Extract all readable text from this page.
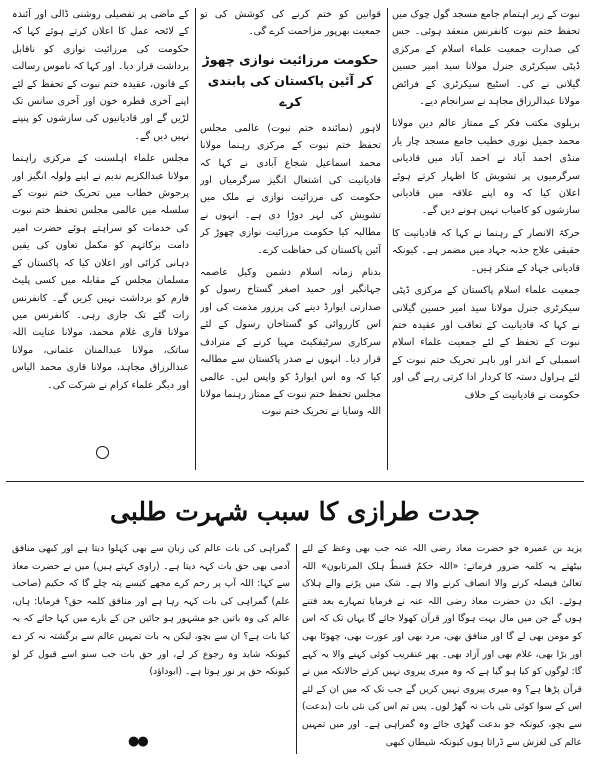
نبوت کے زیر اہتمام جامع مسجد گول چوک میں تحفظ ختم نبوت کانفرنس منعقد ہوئی۔ جس کی صدارت جمعیت علماء اسلام کے مرکزی ڈپٹی سیکرٹری جنرل مولانا سید امیر حسین گیلانی نے کی۔ اسٹیج سیکرٹری کے فرائض مولانا عبدالرزاق مجاہد نے سرانجام دیے۔

بریلوی مکتب فکر کے ممتاز عالم دین مولانا محمد جمیل نوری خطیب جامع مسجد چار یار منڈی احمد آباد نے احمد آباد میں قادیانی سرگرمیوں پر تشویش کا اظہار کرتے ہوئے اعلان کیا کہ وہ اپنے علاقہ میں قادیانی سازشوں کو کامیاب نہیں ہونے دیں گے۔

حرکۃ الانصار کے رہنما نے کہا کہ قادیانیت کا حقیقی علاج جذبہ جہاد میں مضمر ہے۔ کیونکہ قادیانی جہاد کے منکر ہیں۔

جمعیت علماء اسلام پاکستان کے مرکزی ڈپٹی سیکرٹری جنرل مولانا سید امیر حسین گیلانی نے کہا کہ قادیانیت کے تعاقب اور عقیدہ ختم نبوت کے تحفظ کے لئے جمعیت علماء اسلام اسمبلی کے اندر اور باہر تحریک ختم نبوت کے لئے ہراول دستہ کا کردار ادا کرتی رہے گی اور حکومت نے قادیانیت کے خلاف

قوانین کو ختم کرنے کی کوشش کی تو جمعیت بھرپور مزاحمت کرے گی۔

حکومت مرزائیت نوازی چھوڑ کر آئین پاکستان کی پابندی کرے

لاہور (نمائندہ ختم نبوت) عالمی مجلس تحفظ ختم نبوت کے مرکزی رہنما مولانا محمد اسماعیل شجاع آبادی نے کہا کہ قادیانیت کی اشتعال انگیز سرگرمیاں اور حکومت کی مرزائیت نوازی نے ملک میں تشویش کی لہر دوڑا دی ہے۔ انہوں نے مطالبہ کیا حکومت مرزائیت نوازی چھوڑ کر آئین پاکستان کی حفاظت کرے۔

بدنام زمانہ اسلام دشمن وکیل عاصمہ جہانگیر اور حمید اصغر گستاخ رسول کو صدارتی ایوارڈ دینے کی پرزور مذمت کی اور اس کارروائی کو گستاخان رسول کے لئے سرکاری سرٹیفکیٹ مہیا کرنے کے مترادف قرار دیا۔ انہوں نے صدر پاکستان سے مطالبہ کیا کہ وہ اس ایوارڈ کو واپس لیں۔ عالمی مجلس تحفظ ختم نبوت کے ممتاز رہنما مولانا اللہ وسایا نے تحریک ختم نبوت

کے ماضی پر تفصیلی روشنی ڈالی اور آئندہ کے لائحہ عمل کا اعلان کرتے ہوئے کہا کہ حکومت کی مرزائیت نوازی کو ناقابل برداشت قرار دیا۔ اور کہا کہ ناموس رسالت کے قانون، عقیدہ ختم نبوت کے تحفظ کے لئے اپنے آخری قطرہ خون اور آخری سانس تک لڑیں گے اور قادیانیوں کی سازشوں کو پنپنے نہیں دیں گے۔

مجلس علماء اہلسنت کے مرکزی راہنما مولانا عبدالکریم ندیم نے اپنے ولولہ انگیز اور پرجوش خطاب میں تحریک ختم نبوت کے سلسلہ میں عالمی مجلس تحفظ ختم نبوت کی خدمات کو سراہتے ہوئے حضرت امیر دامت برکاتہم کو مکمل تعاون کی یقین دہانی کرائی اور اعلان کیا کہ پاکستان کے مسلمان مجلس کے مقابلہ میں کسی پلیٹ فارم کو برداشت نہیں کریں گے۔ کانفرنس رات گئے تک جاری رہی۔ کانفرنس میں مولانا قاری غلام محمد، مولانا عنایت اللہ ساتک، مولانا عبدالمنان عثمانی، مولانا عبدالرزاق مجاہد، مولانا قاری محمد الیاس اور دیگر علماء کرام نے شرکت کی۔

جدت طرازی کا سبب شہرت طلبی

یزید بن عمیرہ جو حضرت معاذ رضی اللہ عنہ جب بھی وعظ کے لئے بیٹھتے یہ کلمہ ضرور فرماتے: «اللہ حکمٌ قسطٌ ہلک المرتابون» اللہ تعالیٰ فیصلہ کرنے والا انصاف کرنے والا ہے۔ شک میں پڑنے والے ہلاک ہوئے۔ ایک دن حضرت معاذ رضی اللہ عنہ نے فرمایا تمہارے بعد فتنے ہوں گے جن میں مال بہت ہوگا اور قرآن کھولا جائے گا یہاں تک کہ اس کو مومن بھی لے گا اور منافق بھی، مرد بھی اور عورت بھی، چھوٹا بھی اور بڑا بھی، غلام بھی اور آزاد بھی۔ پھر عنقریب کوئی کہنے والا یہ کہے گا: لوگوں کو کیا ہو گیا ہے کہ وہ میری پیروی نہیں کرتے حالانکہ میں نے قرآن پڑھا ہے؟ وہ میری پیروی نہیں کریں گے جب تک کہ میں ان کے لئے اس کے سوا کوئی نئی بات نہ گھڑ لوں۔ پس تم اس کی نئی بات (بدعت) سے بچو، کیونکہ جو بدعت گھڑی جائے وہ گمراہی ہے۔ اور میں تمہیں عالم کی لغزش سے ڈراتا ہوں کیونکہ شیطان کبھی

گمراہی کی بات عالم کی زبان سے بھی کہلوا دیتا ہے اور کبھی منافق آدمی بھی حق بات کہہ دیتا ہے۔ (راوی کہتے ہیں) میں نے حضرت معاذ سے کہا: اللہ آپ پر رحم کرے مجھے کیسے پتہ چلے گا کہ حکیم (صاحب علم) گمراہی کی بات کہہ رہا ہے اور منافق کلمہ حق؟ فرمایا: ہاں، عالم کی وہ باتیں جو مشہور ہو جائیں جن کے بارے میں کہا جائے کہ یہ کیا بات ہے؟ ان سے بچو، لیکن یہ بات تمہیں عالم سے برگشتہ نہ کر دے کیونکہ شاید وہ رجوع کر لے، اور حق بات جب سنو اسے قبول کر لو کیونکہ حق پر نور ہوتا ہے۔ (ابوداؤد)

●●
